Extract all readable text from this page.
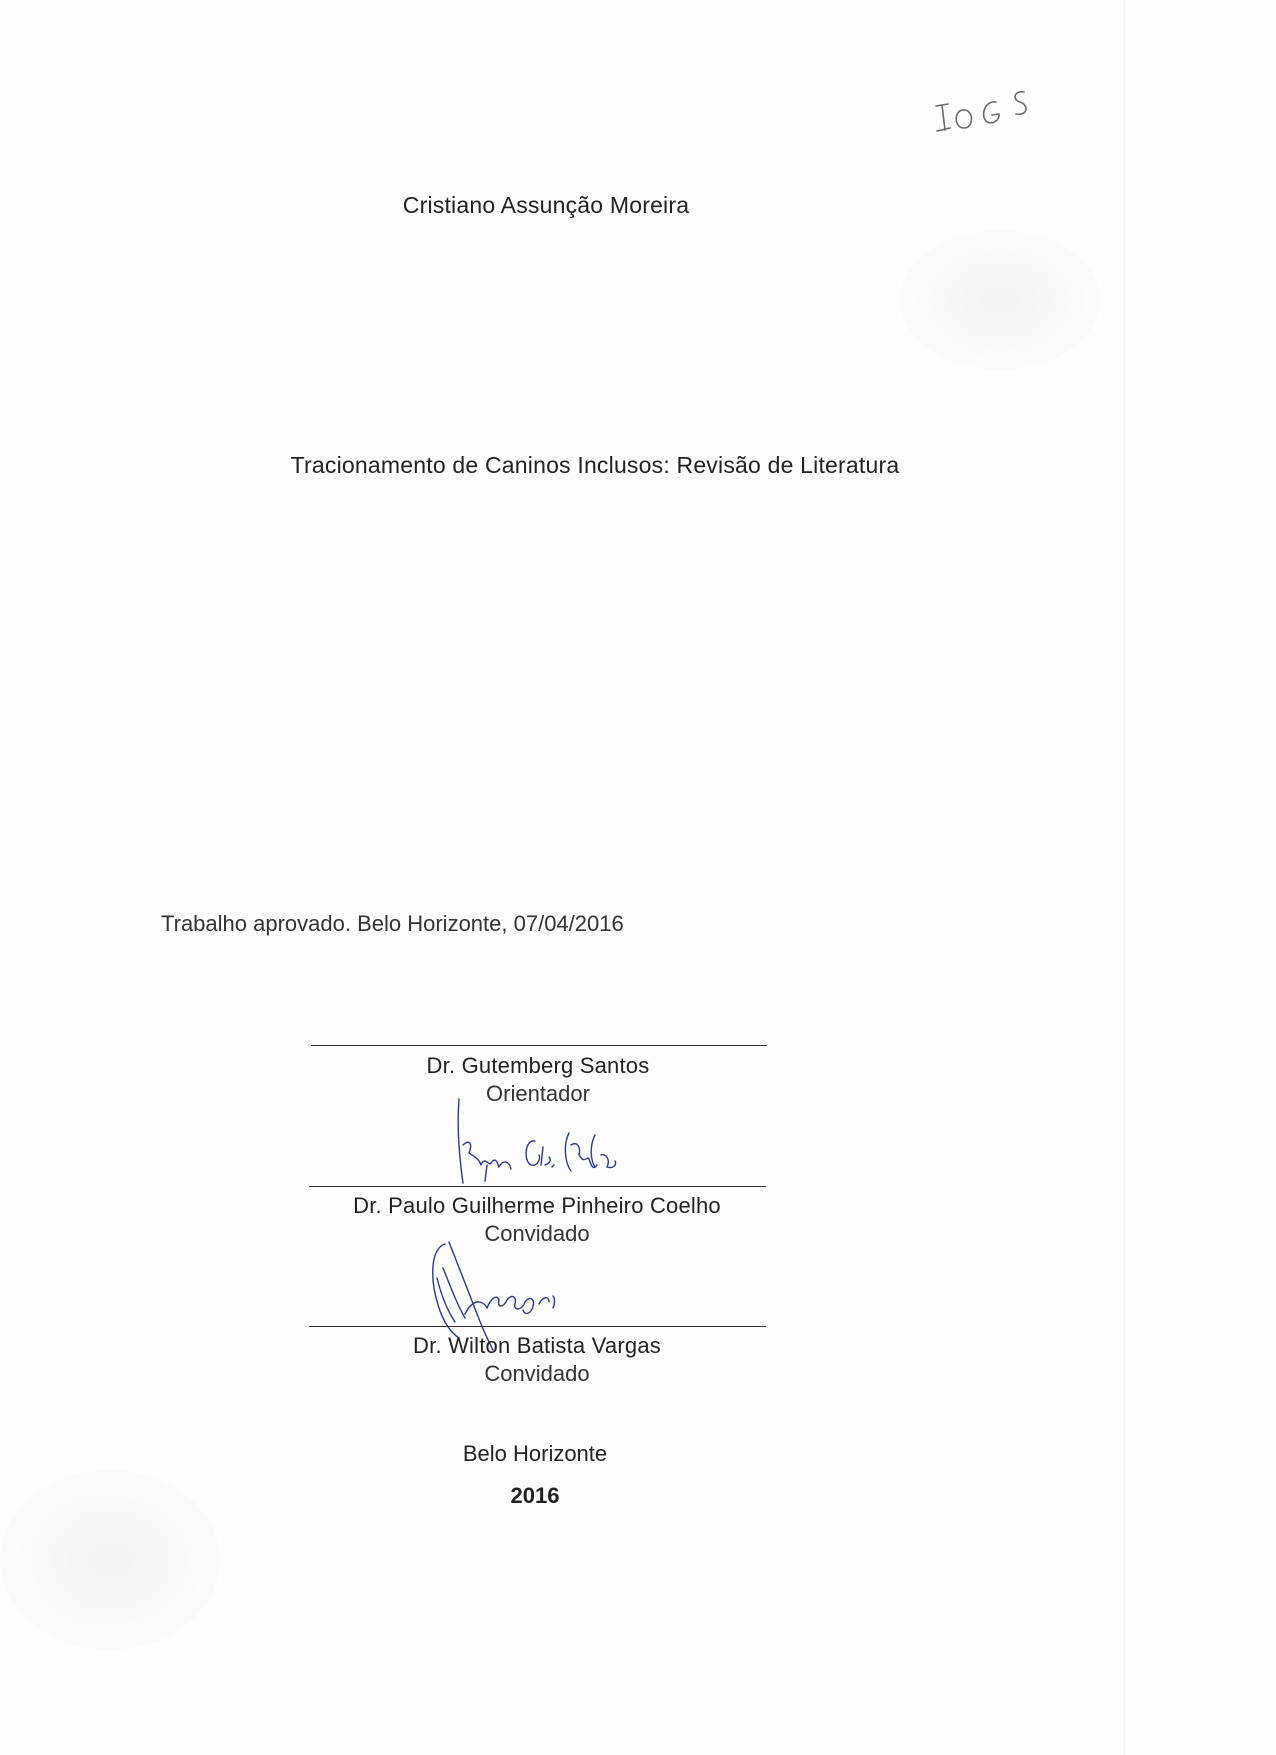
Cristiano Assunção Moreira
Tracionamento de Caninos Inclusos: Revisão de Literatura
Trabalho aprovado. Belo Horizonte, 07/04/2016
Dr. Gutemberg Santos
Orientador
Dr. Paulo Guilherme Pinheiro Coelho
Convidado
Dr. Wilton Batista Vargas
Convidado
Belo Horizonte
2016
